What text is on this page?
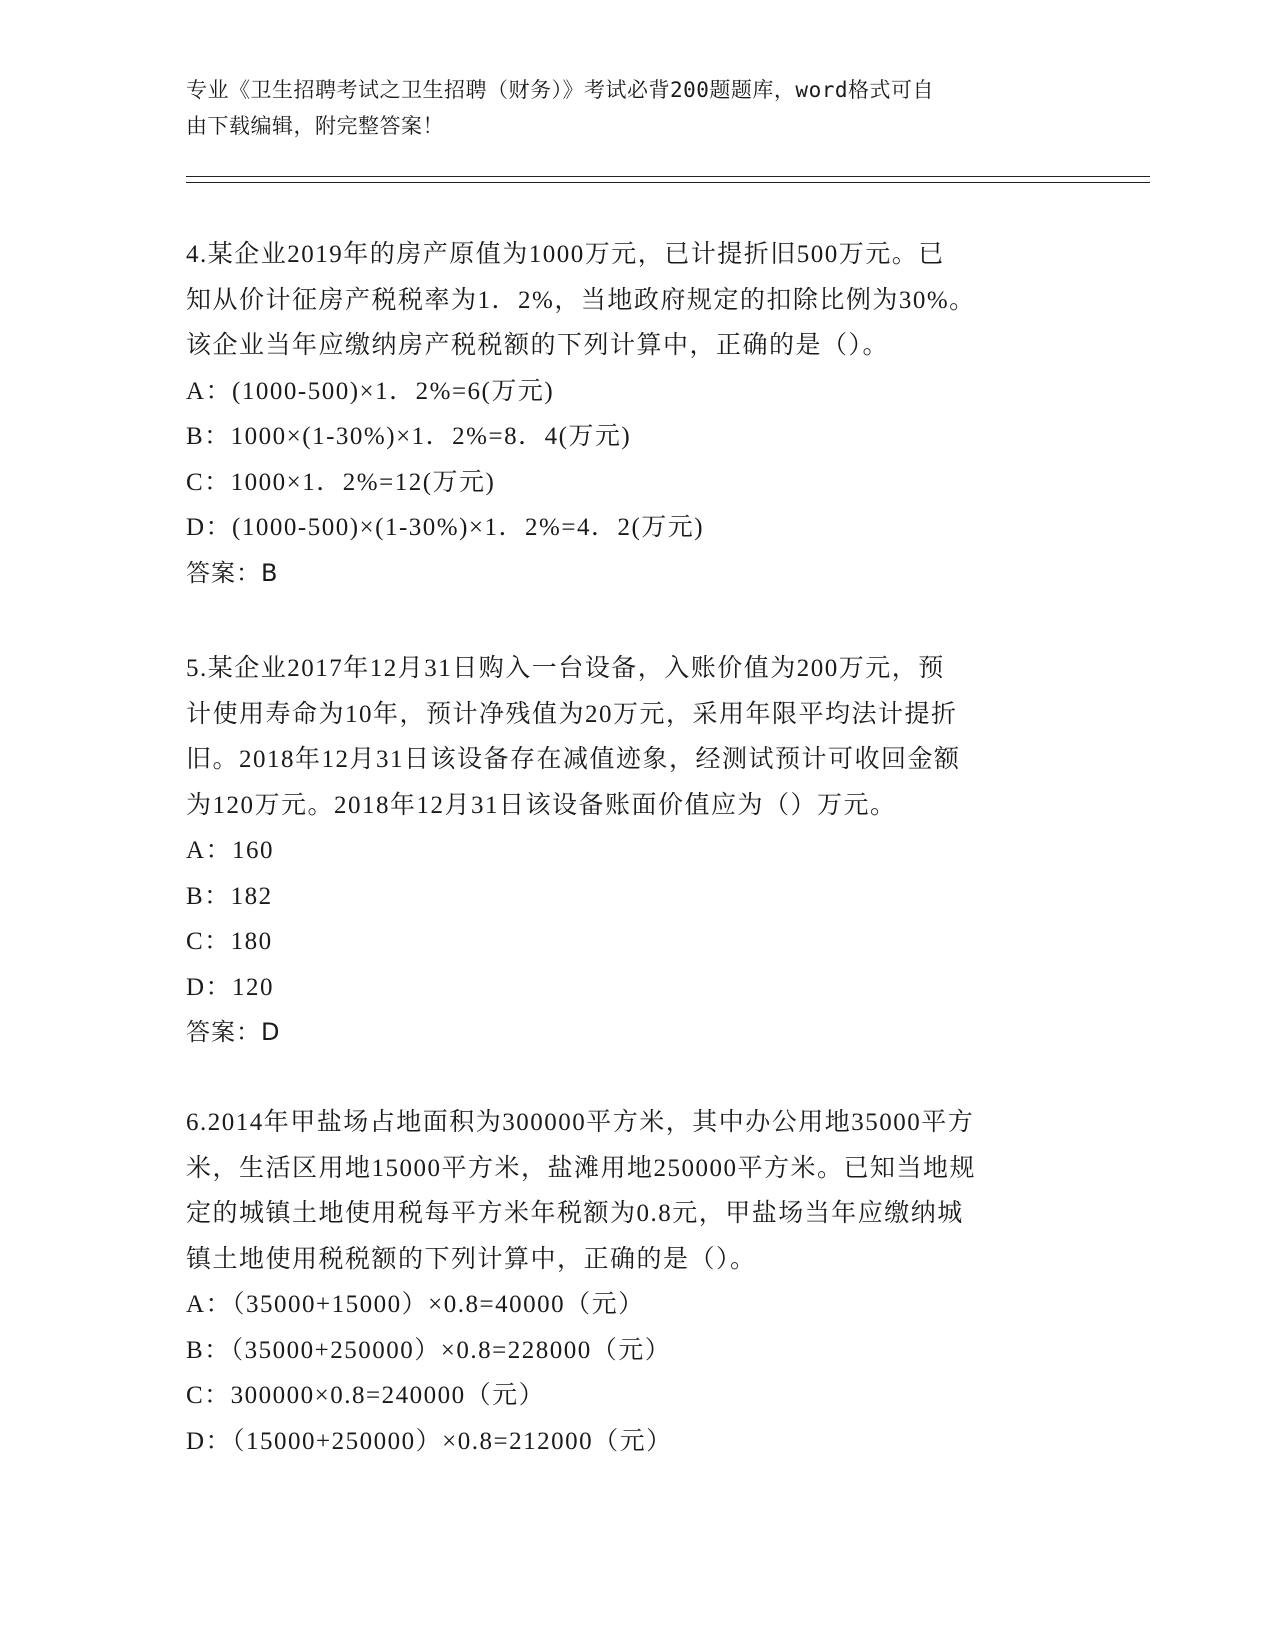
专业《卫生招聘考试之卫生招聘（财务）》考试必背200题题库，word格式可自
由下载编辑，附完整答案！
4.某企业2019年的房产原值为1000万元，已计提折旧500万元。已
知从价计征房产税税率为1．2%，当地政府规定的扣除比例为30%。
该企业当年应缴纳房产税税额的下列计算中，正确的是（）。
A：(1000-500)×1．2%=6(万元)
B：1000×(1-30%)×1．2%=8．4(万元)
C：1000×1．2%=12(万元)
D：(1000-500)×(1-30%)×1．2%=4．2(万元)
答案：B
5.某企业2017年12月31日购入一台设备，入账价值为200万元，预
计使用寿命为10年，预计净残值为20万元，采用年限平均法计提折
旧。2018年12月31日该设备存在减值迹象，经测试预计可收回金额
为120万元。2018年12月31日该设备账面价值应为（）万元。
A：160
B：182
C：180
D：120
答案：D
6.2014年甲盐场占地面积为300000平方米，其中办公用地35000平方
米，生活区用地15000平方米，盐滩用地250000平方米。已知当地规
定的城镇土地使用税每平方米年税额为0.8元，甲盐场当年应缴纳城
镇土地使用税税额的下列计算中，正确的是（）。
A：（35000+15000）×0.8=40000（元）
B：（35000+250000）×0.8=228000（元）
C：300000×0.8=240000（元）
D：（15000+250000）×0.8=212000（元）
